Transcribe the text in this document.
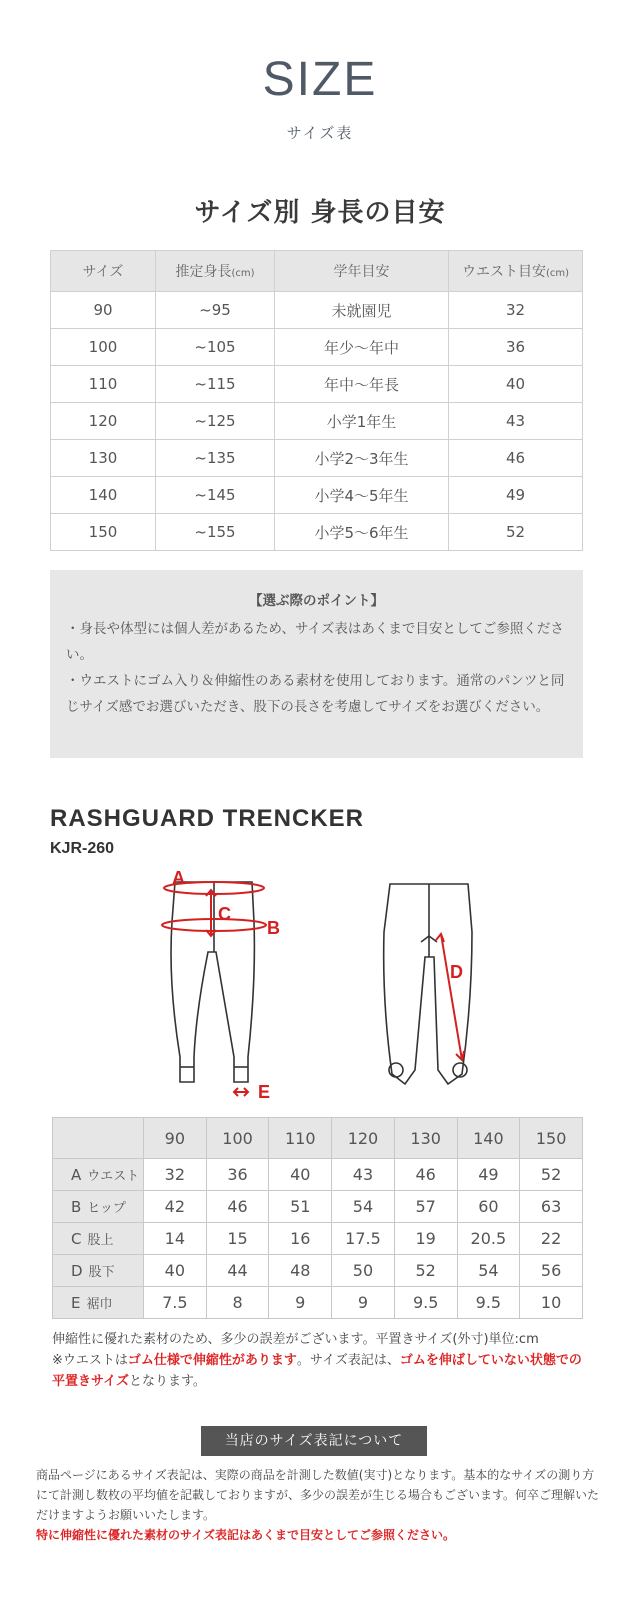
SIZE
サイズ表
サイズ別 身長の目安
サイズ	推定身長(cm)	学年目安	ウエスト目安(cm)
90	~95	未就園児	32
100	~105	年少〜年中	36
110	~115	年中〜年長	40
120	~125	小学1年生	43
130	~135	小学2〜3年生	46
140	~145	小学4〜5年生	49
150	~155	小学5〜6年生	52
【選ぶ際のポイント】
・身長や体型には個人差があるため、サイズ表はあくまで目安としてご参照ください。
・ウエストにゴム入り＆伸縮性のある素材を使用しております。通常のパンツと同じサイズ感でお選びいただき、股下の長さを考慮してサイズをお選びください。
RASHGUARD TRENCKER
KJR-260
A
B
C
D
E
	90	100	110	120	130	140	150
A ウエスト	32	36	40	43	46	49	52
B ヒップ	42	46	51	54	57	60	63
C 股上	14	15	16	17.5	19	20.5	22
D 股下	40	44	48	50	52	54	56
E 裾巾	7.5	8	9	9	9.5	9.5	10
伸縮性に優れた素材のため、多少の誤差がございます。平置きサイズ(外寸)単位:cm
※ウエストはゴム仕様で伸縮性があります。サイズ表記は、ゴムを伸ばしていない状態での平置きサイズとなります。
当店のサイズ表記について
商品ページにあるサイズ表記は、実際の商品を計測した数値(実寸)となります。基本的なサイズの測り方にて計測し数枚の平均値を記載しておりますが、多少の誤差が生じる場合もございます。何卒ご理解いただけますようお願いいたします。
特に伸縮性に優れた素材のサイズ表記はあくまで目安としてご参照ください。
